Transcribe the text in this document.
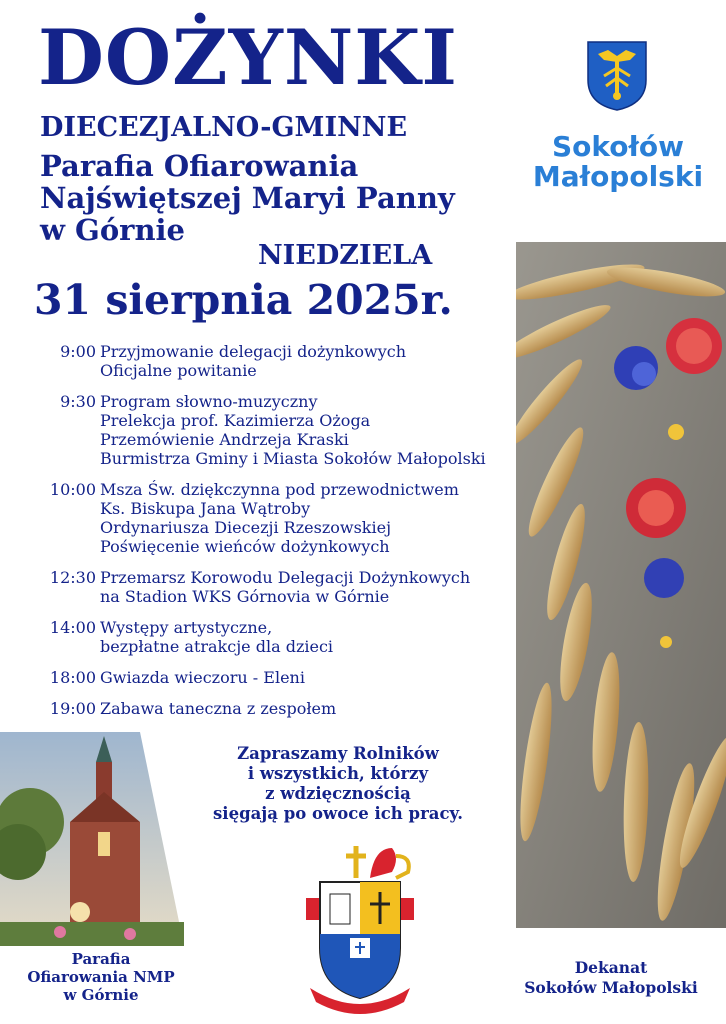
DOŻYNKI
DIECEZJALNO-GMINNE
Parafia Ofiarowania
Najświętszej Maryi Panny
w Górnie
NIEDZIELA
31 sierpnia 2025r.
Sokołów
Małopolski
9:00 Przyjmowanie delegacji dożynkowych
Oficjalne powitanie
9:30 Program słowno-muzyczny
Prelekcja prof. Kazimierza Ożoga
Przemówienie Andrzeja Kraski
Burmistrza Gminy i Miasta Sokołów Małopolski
10:00 Msza Św. dziękczynna pod przewodnictwem
Ks. Biskupa Jana Wątroby
Ordynariusza Diecezji Rzeszowskiej
Poświęcenie wieńców dożynkowych
12:30 Przemarsz Korowodu Delegacji Dożynkowych
na Stadion WKS Górnovia w Górnie
14:00 Występy artystyczne,
bezpłatne atrakcje dla dzieci
18:00 Gwiazda wieczoru - Eleni
19:00 Zabawa taneczna z zespołem
Zapraszamy Rolników
i wszystkich, którzy
z wdzięcznością
sięgają po owoce ich pracy.
Parafia
Ofiarowania NMP
w Górnie
Dekanat
Sokołów Małopolski
